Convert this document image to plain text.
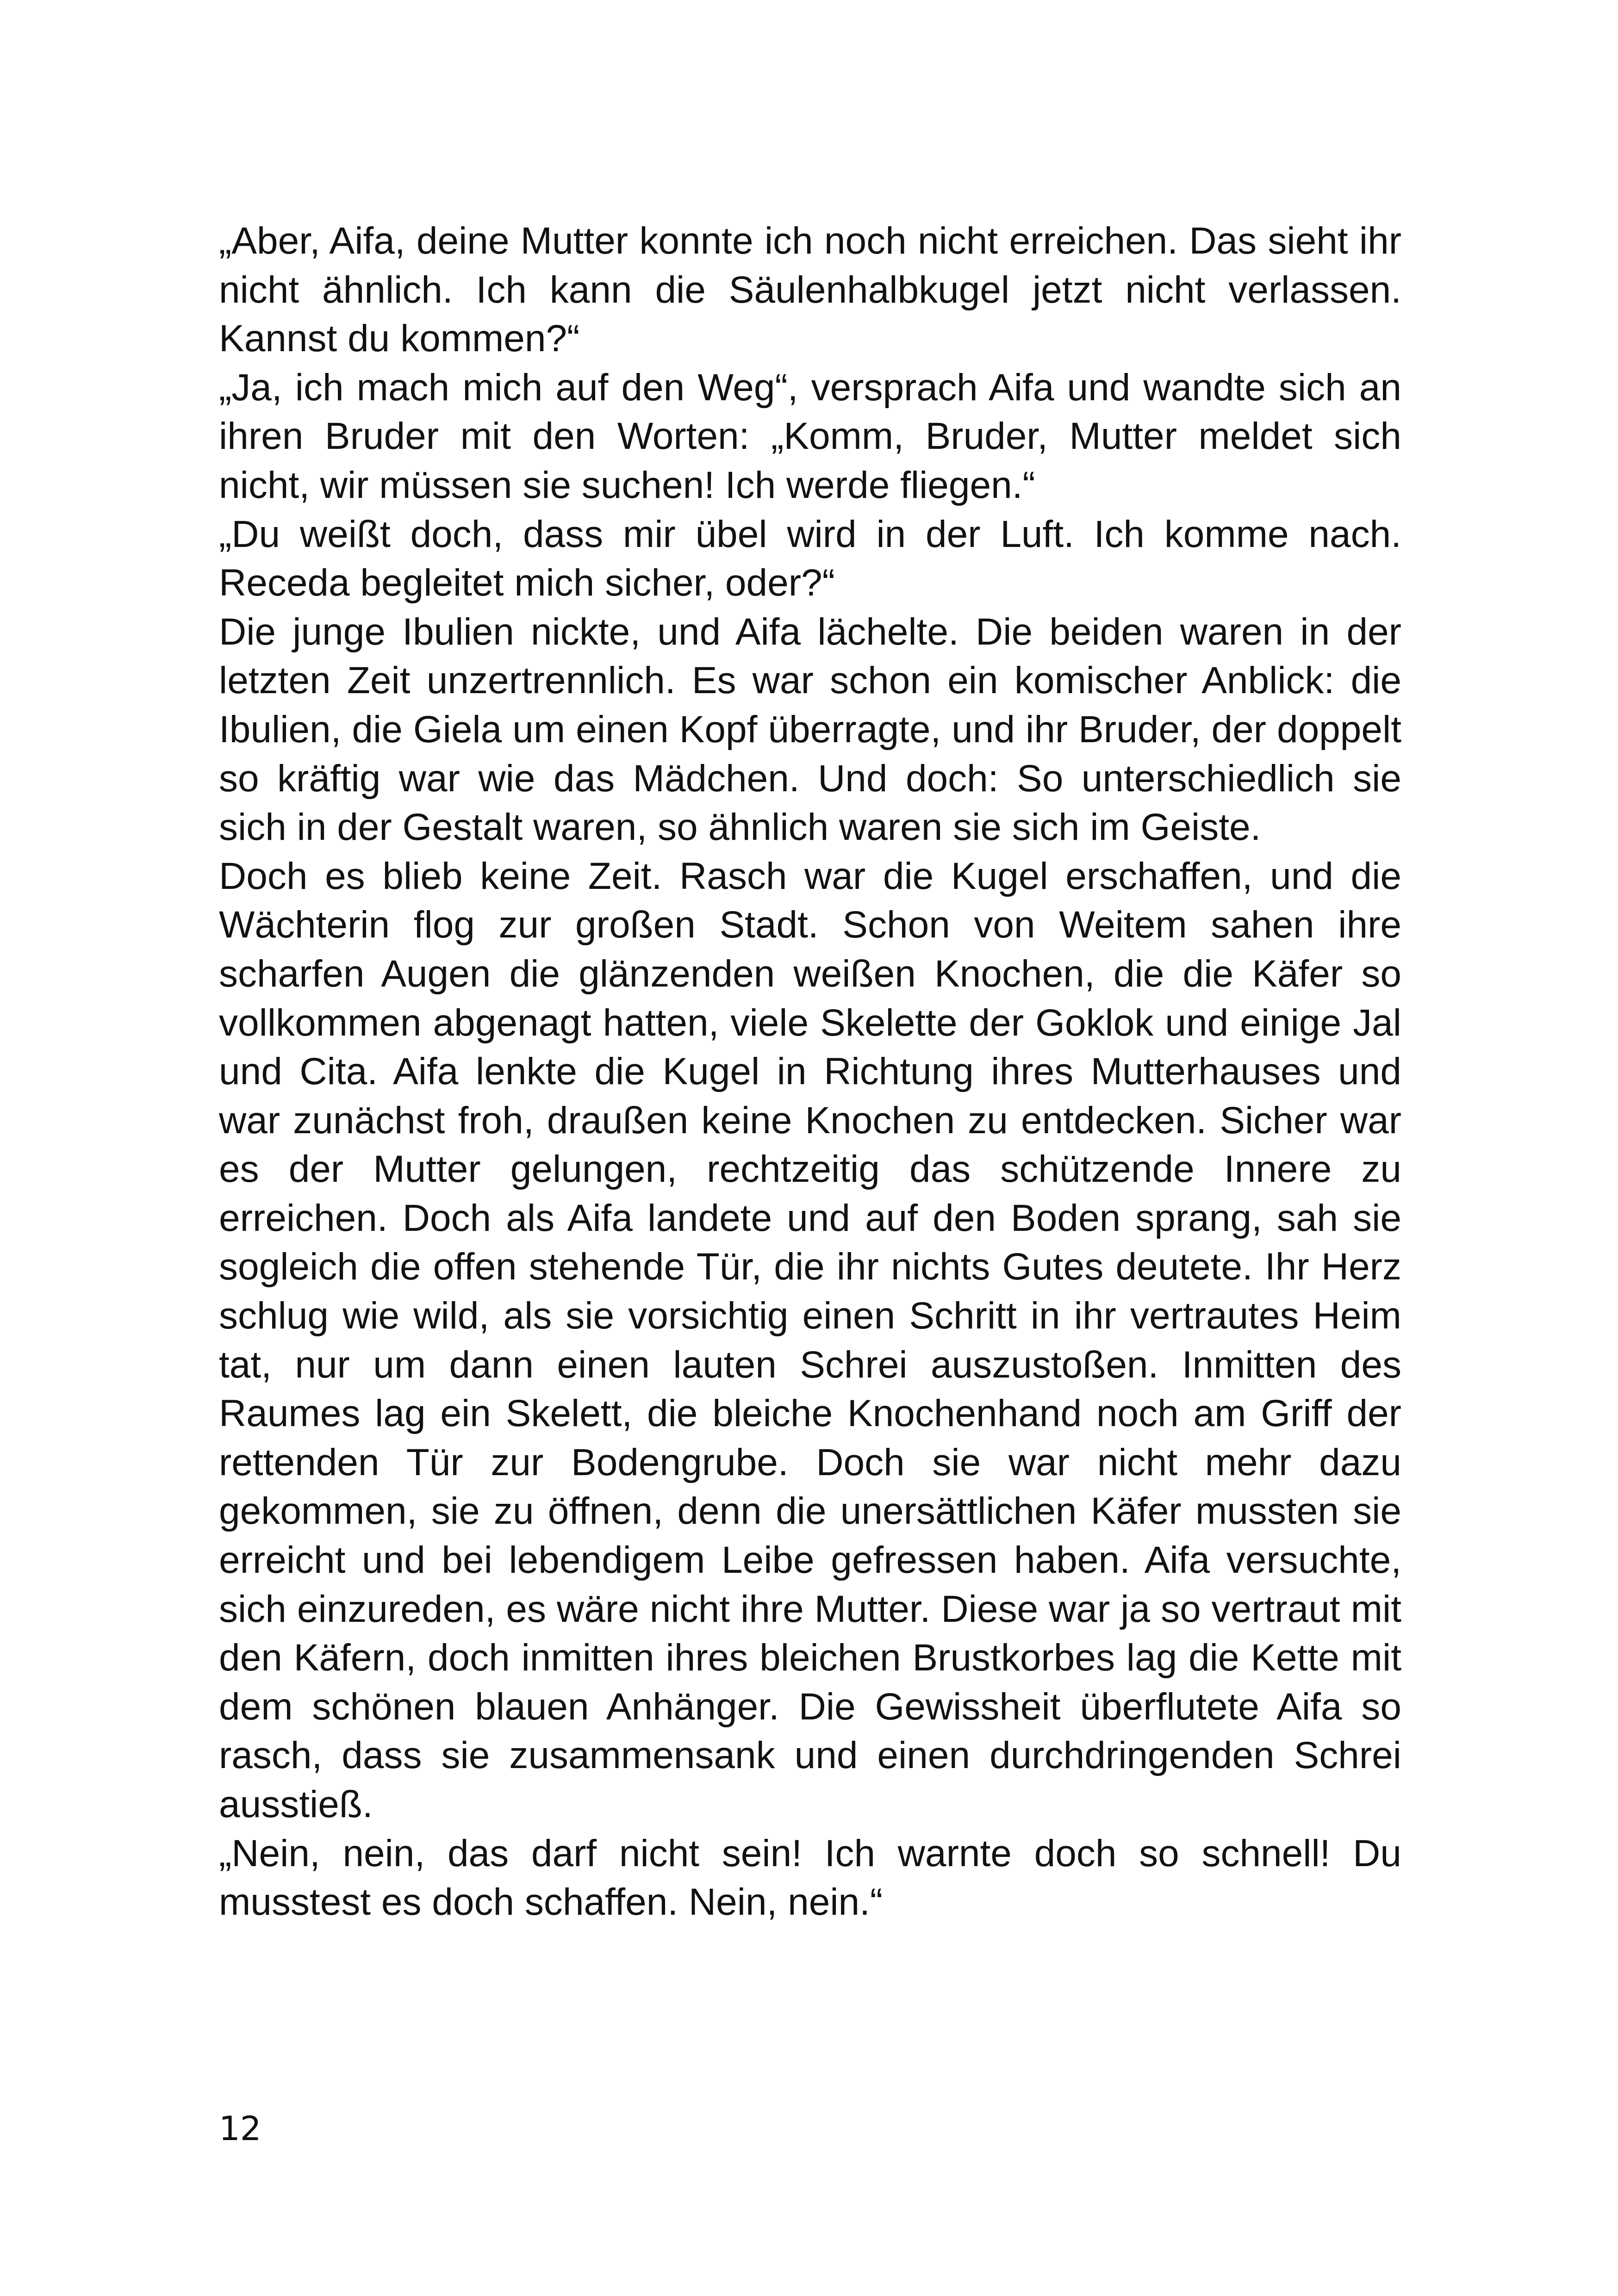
„Aber, Aifa, deine Mutter konnte ich noch nicht erreichen. Das sieht ihr nicht ähnlich. Ich kann die Säulenhalbkugel jetzt nicht verlassen. Kannst du kommen?“

„Ja, ich mach mich auf den Weg“, versprach Aifa und wandte sich an ihren Bruder mit den Worten: „Komm, Bruder, Mutter meldet sich nicht, wir müssen sie suchen! Ich werde fliegen.“

„Du weißt doch, dass mir übel wird in der Luft. Ich komme nach. Receda begleitet mich sicher, oder?“

Die junge Ibulien nickte, und Aifa lächelte. Die beiden waren in der letzten Zeit unzertrennlich. Es war schon ein komischer Anblick: die Ibulien, die Giela um einen Kopf überragte, und ihr Bruder, der doppelt so kräftig war wie das Mädchen. Und doch: So unterschiedlich sie sich in der Gestalt waren, so ähnlich waren sie sich im Geiste.

Doch es blieb keine Zeit. Rasch war die Kugel erschaffen, und die Wächterin flog zur großen Stadt. Schon von Weitem sahen ihre scharfen Augen die glänzenden weißen Knochen, die die Käfer so vollkommen abgenagt hatten, viele Skelette der Goklok und einige Jal und Cita. Aifa lenkte die Kugel in Richtung ihres Mutterhauses und war zunächst froh, draußen keine Knochen zu entdecken. Sicher war es der Mutter gelungen, rechtzeitig das schützende Innere zu erreichen. Doch als Aifa landete und auf den Boden sprang, sah sie sogleich die offen stehende Tür, die ihr nichts Gutes deutete. Ihr Herz schlug wie wild, als sie vorsichtig einen Schritt in ihr vertrautes Heim tat, nur um dann einen lauten Schrei auszustoßen. Inmitten des Raumes lag ein Skelett, die bleiche Knochenhand noch am Griff der rettenden Tür zur Bodengrube. Doch sie war nicht mehr dazu gekommen, sie zu öffnen, denn die unersättlichen Käfer mussten sie erreicht und bei lebendigem Leibe gefressen haben. Aifa versuchte, sich einzureden, es wäre nicht ihre Mutter. Diese war ja so vertraut mit den Käfern, doch inmitten ihres bleichen Brustkorbes lag die Kette mit dem schönen blauen Anhänger. Die Gewissheit überflutete Aifa so rasch, dass sie zusammensank und einen durchdringenden Schrei ausstieß.

„Nein, nein, das darf nicht sein! Ich warnte doch so schnell! Du musstest es doch schaffen. Nein, nein.“

12
